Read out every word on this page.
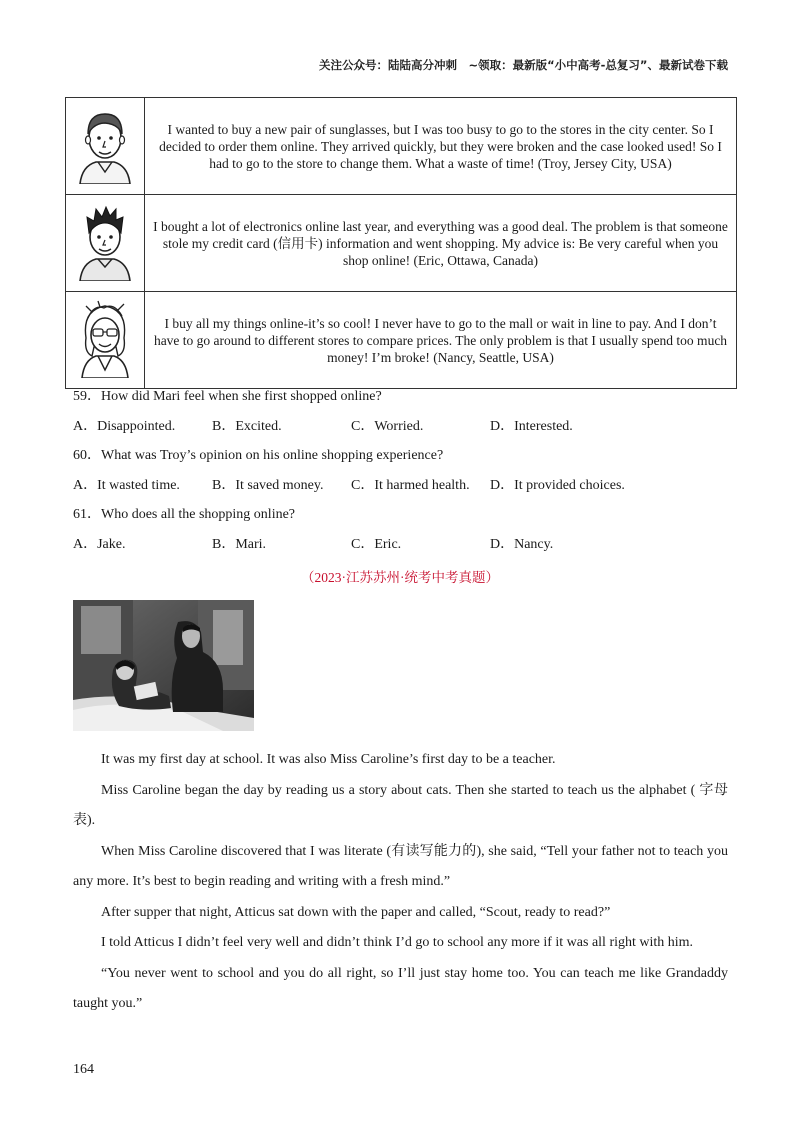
关注公众号：陆陆高分冲刺　~领取：最新版“小中高考-总复习”、最新试卷下载
	I wanted to buy a new pair of sunglasses, but I was too busy to go to the stores in the city center. So I decided to order them online. They arrived quickly, but they were broken and the case looked used! So I had to go to the store to change them. What a waste of time! (Troy, Jersey City, USA)
	I bought a lot of electronics online last year, and everything was a good deal. The problem is that someone stole my credit card (信用卡) information and went shopping. My advice is: Be very careful when you shop online! (Eric, Ottawa, Canada)
	I buy all my things online-it’s so cool! I never have to go to the mall or wait in line to pay. And I don’t have to go around to different stores to compare prices. The only problem is that I usually spend too much money! I’m broke! (Nancy, Seattle, USA)
59．How did Mari feel when she first shopped online?
A．Disappointed.	B．Excited.	C．Worried.	D．Interested.
60．What was Troy’s opinion on his online shopping experience?
A．It wasted time.	B．It saved money.	C．It harmed health.	D．It provided choices.
61．Who does all the shopping online?
A．Jake.	B．Mari.	C．Eric.	D．Nancy.
（2023·江苏苏州·统考中考真题）

It was my first day at school. It was also Miss Caroline’s first day to be a teacher.

Miss Caroline began the day by reading us a story about cats. Then she started to teach us the alphabet ( 字母表).

When Miss Caroline discovered that I was literate (有读写能力的), she said, “Tell your father not to teach you any more. It’s best to begin reading and writing with a fresh mind.”

After supper that night, Atticus sat down with the paper and called, “Scout, ready to read?”

I told Atticus I didn’t feel very well and didn’t think I’d go to school any more if it was all right with him.

“You never went to school and you do all right, so I’ll just stay home too. You can teach me like Grandaddy taught you.”

164
